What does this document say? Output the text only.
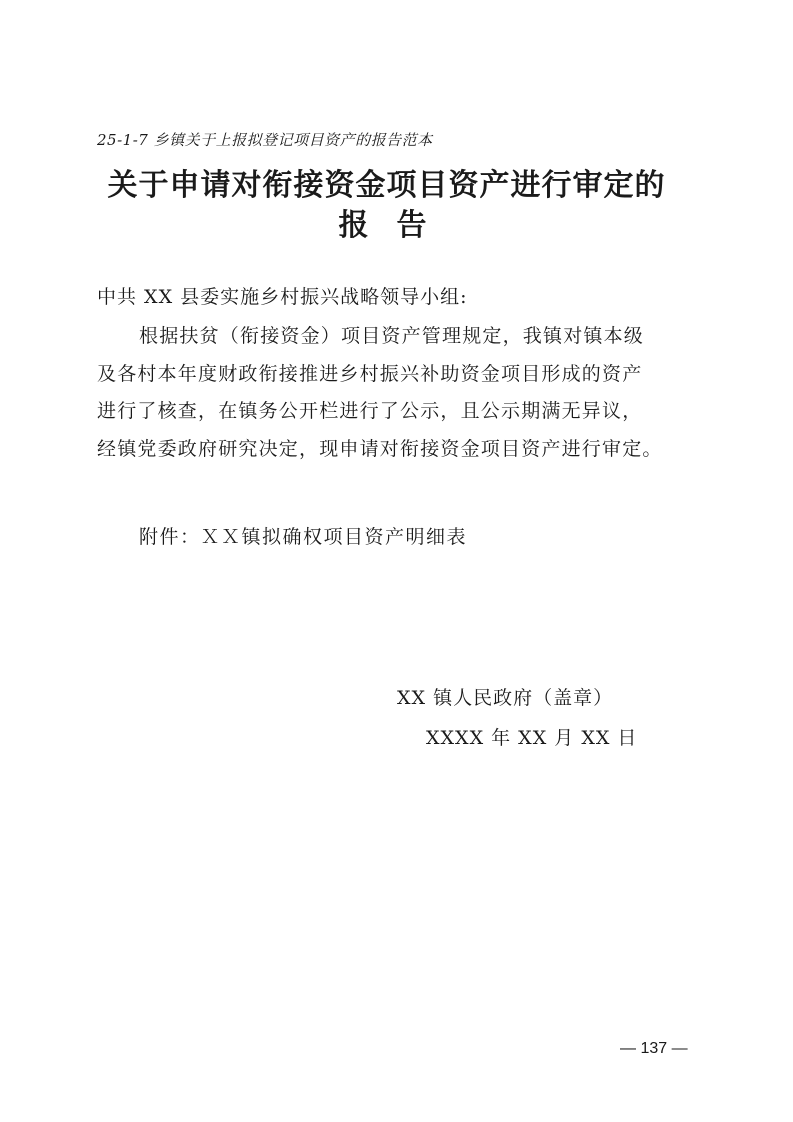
25-1-7 乡镇关于上报拟登记项目资产的报告范本
关于申请对衔接资金项目资产进行审定的
报告
中共 XX 县委实施乡村振兴战略领导小组:
根据扶贫（衔接资金）项目资产管理规定，我镇对镇本级
及各村本年度财政衔接推进乡村振兴补助资金项目形成的资产
进行了核查，在镇务公开栏进行了公示，且公示期满无异议，
经镇党委政府研究决定，现申请对衔接资金项目资产进行审定。
附件：ＸＸ镇拟确权项目资产明细表
XX 镇人民政府（盖章）
XXXX 年 XX 月 XX 日
— 137 —
